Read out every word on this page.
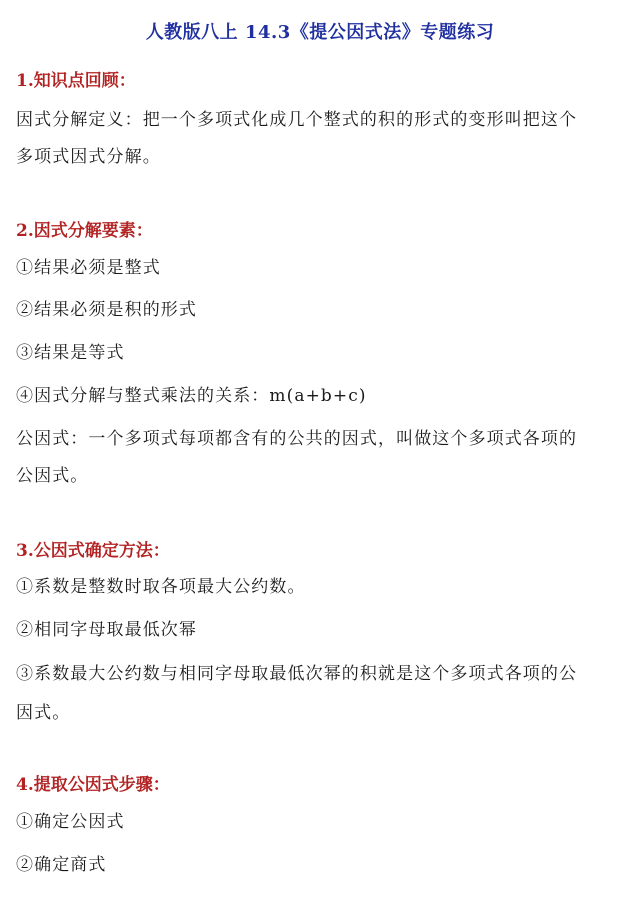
人教版八上 14.3《提公因式法》专题练习
1.知识点回顾：
因式分解定义：把一个多项式化成几个整式的积的形式的变形叫把这个
多项式因式分解。
2.因式分解要素：
①结果必须是整式
②结果必须是积的形式
③结果是等式
④因式分解与整式乘法的关系：m(a+b+c)
公因式：一个多项式每项都含有的公共的因式，叫做这个多项式各项的
公因式。
3.公因式确定方法：
①系数是整数时取各项最大公约数。
②相同字母取最低次幂
③系数最大公约数与相同字母取最低次幂的积就是这个多项式各项的公
因式。
4.提取公因式步骤：
①确定公因式
②确定商式
